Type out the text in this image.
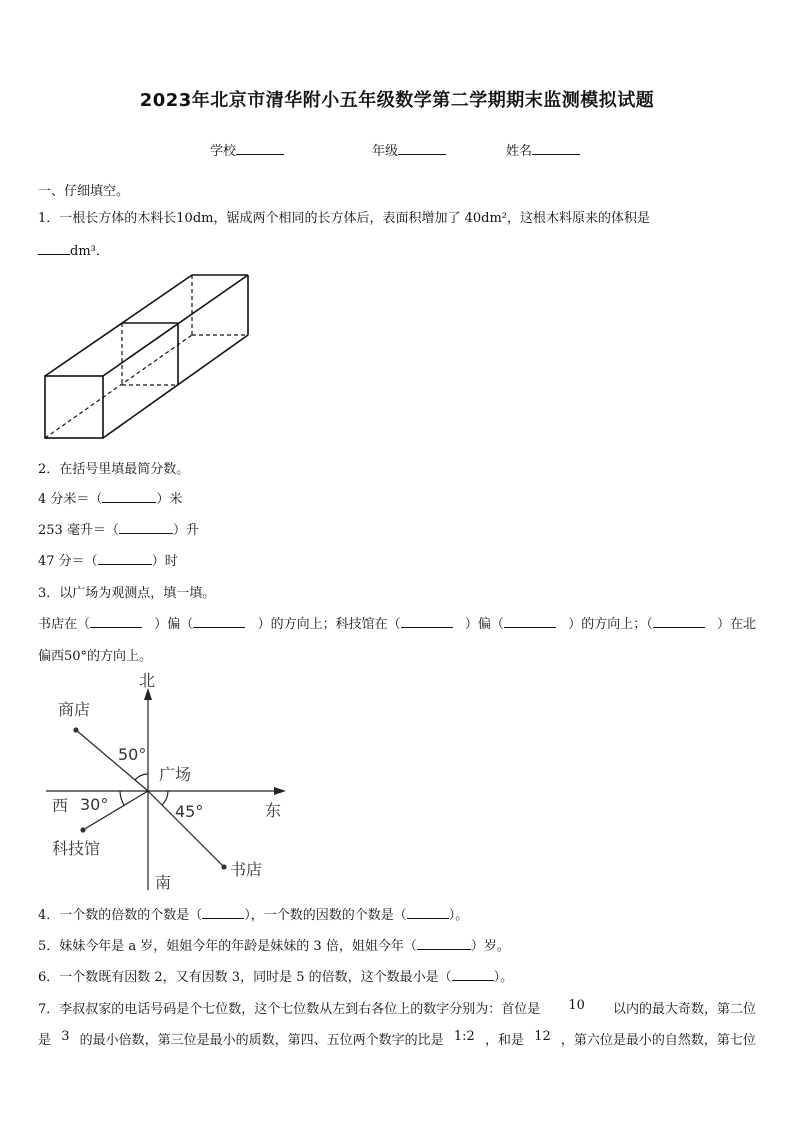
2023年北京市清华附小五年级数学第二学期期末监测模拟试题
学校	年级	姓名
一、仔细填空。
1．一根长方体的木料长10dm，锯成两个相同的长方体后，表面积增加了 40dm²，这根木料原来的体积是
dm³．
2．在括号里填最简分数。
4 分米＝（	）米
253 毫升＝（	）升
47 分＝（	）时
3．以广场为观测点，填一填。
书店在（	）偏（	）的方向上；科技馆在（	）偏（	）的方向上；（	）在北
偏西50°的方向上。
北
南
东
西
广场
商店
书店
科技馆
50°
30°	45°
4．一个数的倍数的个数是（	），一个数的因数的个数是（	）。
5．妹妹今年是 a 岁，姐姐今年的年龄是妹妹的 3 倍，姐姐今年（	）岁。
6．一个数既有因数 2，又有因数 3，同时是 5 的倍数，这个数最小是（	）。
7．李叔叔家的电话号码是个七位数，这个七位数从左到右各位上的数字分别为：首位是 10 以内的最大奇数，第二位
是 3 的最小倍数，第三位是最小的质数，第四、五位两个数字的比是 1:2 ，和是 12 ，第六位是最小的自然数，第七位
